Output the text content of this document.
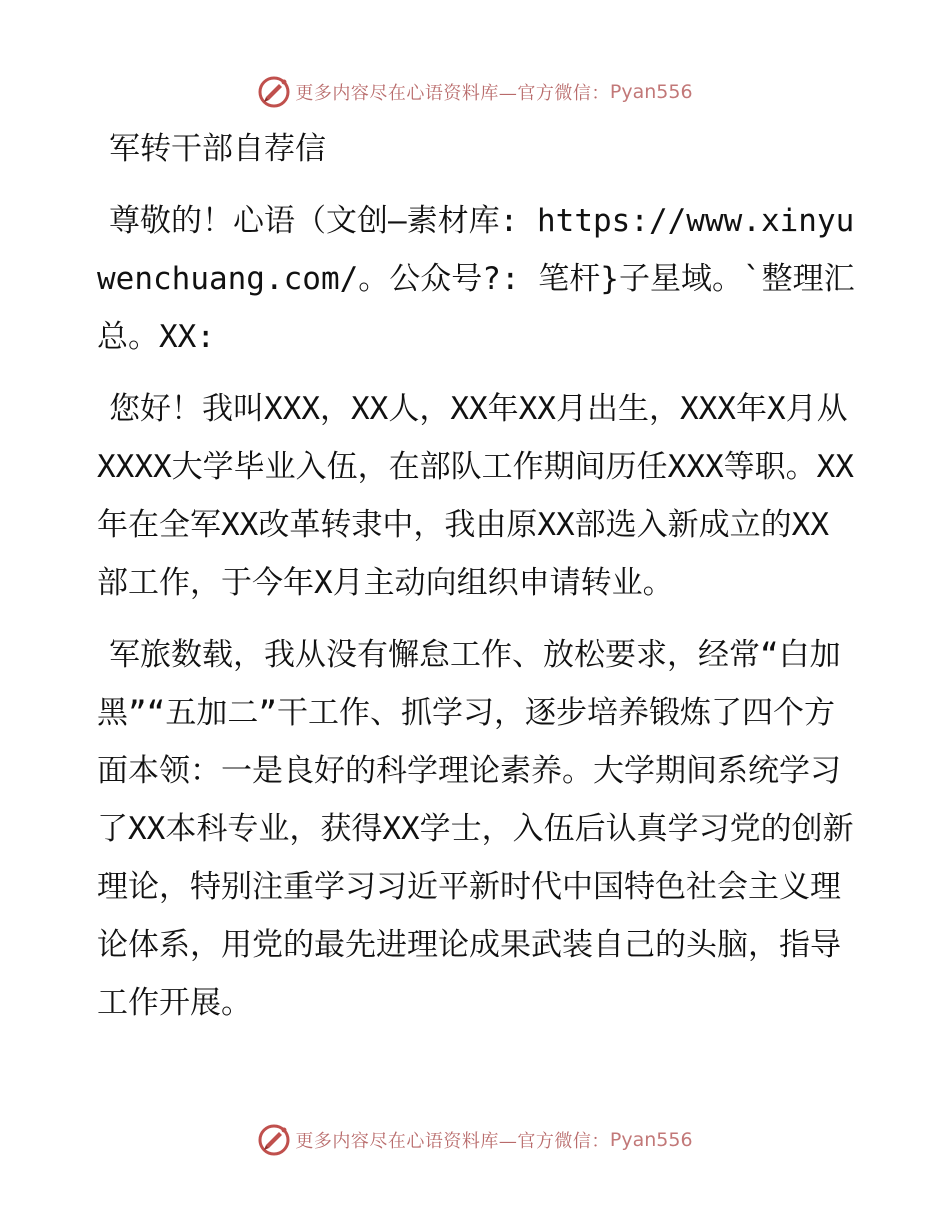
更多内容尽在心语资料库—官方微信： Pyan556

军转干部自荐信

尊敬的！心语（文创—素材库: https://www.xinyuwenchuang.com/。公众号?: 笔杆}子星域。`整理汇总。XX:

您好！我叫XXX，XX人，XX年XX月出生，XXX年X月从XXXX大学毕业入伍，在部队工作期间历任XXX等职。XX年在全军XX改革转隶中，我由原XX部选入新成立的XX部工作，于今年X月主动向组织申请转业。

军旅数载，我从没有懈怠工作、放松要求，经常“白加黑”“五加二”干工作、抓学习，逐步培养锻炼了四个方面本领：一是良好的科学理论素养。大学期间系统学习了XX本科专业，获得XX学士，入伍后认真学习党的创新理论，特别注重学习习近平新时代中国特色社会主义理论体系，用党的最先进理论成果武装自己的头脑，指导工作开展。

更多内容尽在心语资料库—官方微信： Pyan556
